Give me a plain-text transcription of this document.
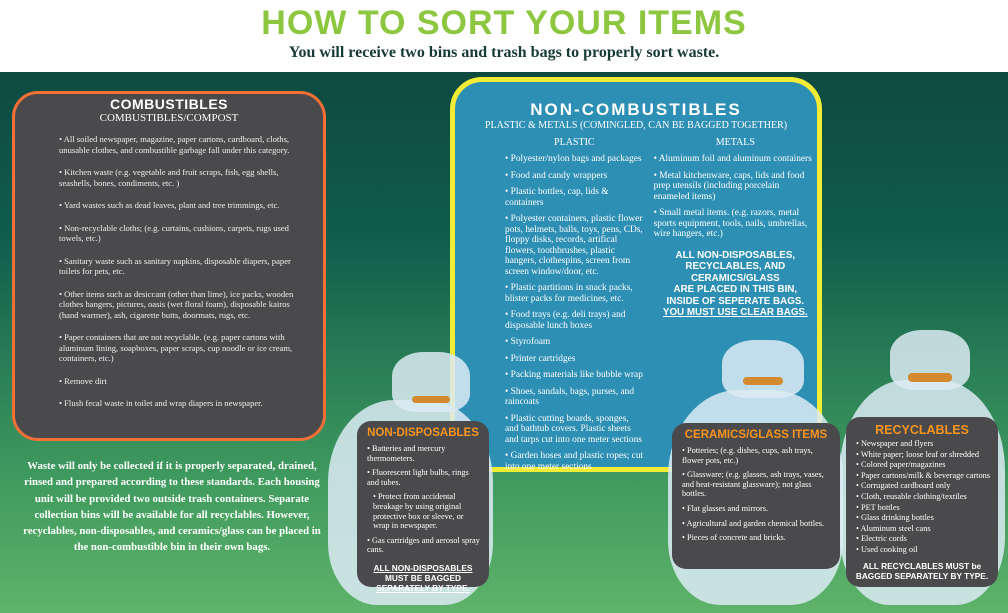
HOW TO SORT YOUR ITEMS
You will receive two bins and trash bags to properly sort waste.
COMBUSTIBLES
COMBUSTIBLES/COMPOST
• All soiled newspaper, magazine, paper cartons, cardboard, cloths, unusable clothes, and combustible garbage fall under this category.
• Kitchen waste (e.g. vegetable and fruit scraps, fish, egg shells, seashells, bones, condiments, etc. )
• Yard wastes such as dead leaves, plant and tree trimmings, etc.
• Non-recyclable cloths; (e.g. curtains, cushions, carpets, rugs used towels, etc.)
• Sanitary waste such as sanitary napkins, disposable diapers, paper toilets for pets, etc.
• Other items such as desiccant (other than lime), ice packs, wooden clothes hangers, pictures, oasis (wet floral foam), disposable kairos (hand warmer), ash, cigarette butts, doormats, rugs, etc.
• Paper containers that are not recyclable. (e.g. paper cartons with aluminum lining, soapboxes, paper scraps, cup noodle or ice cream, containers, etc.)
• Remove dirt
• Flush fecal waste in toilet and wrap diapers in newspaper.
NON-COMBUSTIBLES
PLASTIC & METALS (COMINGLED, CAN BE BAGGED TOGETHER)
PLASTIC
• Polyester/nylon bags and packages
• Food and candy wrappers
• Plastic bottles, cap, lids & containers
• Polyester containers, plastic flower pots, helmets, balls, toys, pens, CDs, floppy disks, records, artifical flowers, toothbrushes, plastic hangers, clothespins, screen from screen window/door, etc.
• Plastic partitions in snack packs, blister packs for medicines, etc.
• Food trays (e.g. deli trays) and disposable lunch boxes
• Styrofoam
• Printer cartridges
• Packing materials like bubble wrap
• Shoes, sandals, bags, purses, and raincoats
• Plastic cutting boards, sponges, and bathtub covers. Plastic sheets and tarps cut into one meter sections
• Garden hoses and plastic ropes; cut into one meter sections
METALS
• Aluminum foil and aluminum containers
• Metal kitchenware, caps, lids and food prep utensils (including porcelain enameled items)
• Small metal items. (e.g. razors, metal sports equipment, tools, nails, umbrellas, wire hangers, etc.)
ALL NON-DISPOSABLES,
RECYCLABLES, AND
CERAMICS/GLASS
ARE PLACED IN THIS BIN,
INSIDE OF SEPERATE BAGS.
YOU MUST USE CLEAR BAGS.
NON-DISPOSABLES
• Batteries and mercury thermometers.
• Fluorescent light bulbs, rings and tubes.
• Protect from accidental breakage by using original protective box or sleeve, or wrap in newspaper.
• Gas cartridges and aerosol spray cans.
ALL NON-DISPOSABLES
MUST BE BAGGED
SEPARATELY BY TYPE.
CERAMICS/GLASS ITEMS
• Potteries; (e.g. dishes, cups, ash trays, flower pots, etc.)
• Glassware; (e.g. glasses, ash trays, vases, and heat-resistant glassware); not glass bottles.
• Flat glasses and mirrors.
• Agricultural and garden chemical bottles.
• Pieces of concrete and bricks.
RECYCLABLES
• Newspaper and flyers
• White paper; loose leaf or shredded
• Colored paper/magazines
• Paper cartons/milk & beverage cartons
• Corrugated cardboard only
• Cloth, reusable clothing/textiles
• PET bottles
• Glass drinking bottles
• Aluminum steel cans
• Electric cords
• Used cooking oil
ALL RECYCLABLES MUST be
BAGGED SEPARATELY BY TYPE.
Waste will only be collected if it is properly separated, drained, rinsed and prepared according to these standards. Each housing unit will be provided two outside trash containers. Separate collection bins will be available for all recyclables. However, recyclables, non-disposables, and ceramics/glass can be placed in the non-combustible bin in their own bags.
